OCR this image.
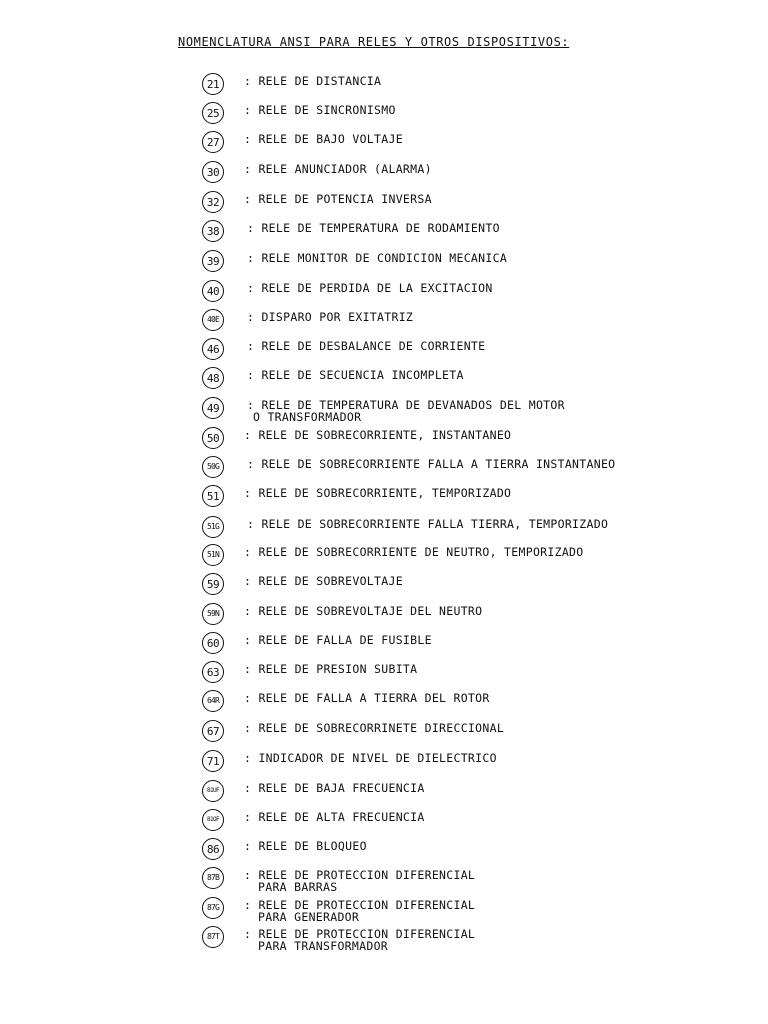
NOMENCLATURA ANSI PARA RELES Y OTROS DISPOSITIVOS:
21	: RELE DE DISTANCIA
25	: RELE DE SINCRONISMO
27	: RELE DE BAJO VOLTAJE
30	: RELE ANUNCIADOR (ALARMA)
32	: RELE DE POTENCIA INVERSA
38	: RELE DE TEMPERATURA DE RODAMIENTO
39	: RELE MONITOR DE CONDICION MECANICA
40	: RELE DE PERDIDA DE LA EXCITACION
40E	: DISPARO POR EXITATRIZ
46	: RELE DE DESBALANCE DE CORRIENTE
48	: RELE DE SECUENCIA INCOMPLETA
49	: RELE DE TEMPERATURA DE DEVANADOS DEL MOTOR
O TRANSFORMADOR
50	: RELE DE SOBRECORRIENTE, INSTANTANEO
50G	: RELE DE SOBRECORRIENTE FALLA A TIERRA INSTANTANEO
51	: RELE DE SOBRECORRIENTE, TEMPORIZADO
51G	: RELE DE SOBRECORRIENTE FALLA TIERRA, TEMPORIZADO
51N	: RELE DE SOBRECORRIENTE DE NEUTRO, TEMPORIZADO
59	: RELE DE SOBREVOLTAJE
59N	: RELE DE SOBREVOLTAJE DEL NEUTRO
60	: RELE DE FALLA DE FUSIBLE
63	: RELE DE PRESION SUBITA
64R	: RELE DE FALLA A TIERRA DEL ROTOR
67	: RELE DE SOBRECORRINETE DIRECCIONAL
71	: INDICADOR DE NIVEL DE DIELECTRICO
81UF	: RELE DE BAJA FRECUENCIA
81OF	: RELE DE ALTA FRECUENCIA
86	: RELE DE BLOQUEO
87B	: RELE DE PROTECCION DIFERENCIAL
PARA BARRAS
87G	: RELE DE PROTECCION DIFERENCIAL
PARA GENERADOR
87T	: RELE DE PROTECCION DIFERENCIAL
PARA TRANSFORMADOR
